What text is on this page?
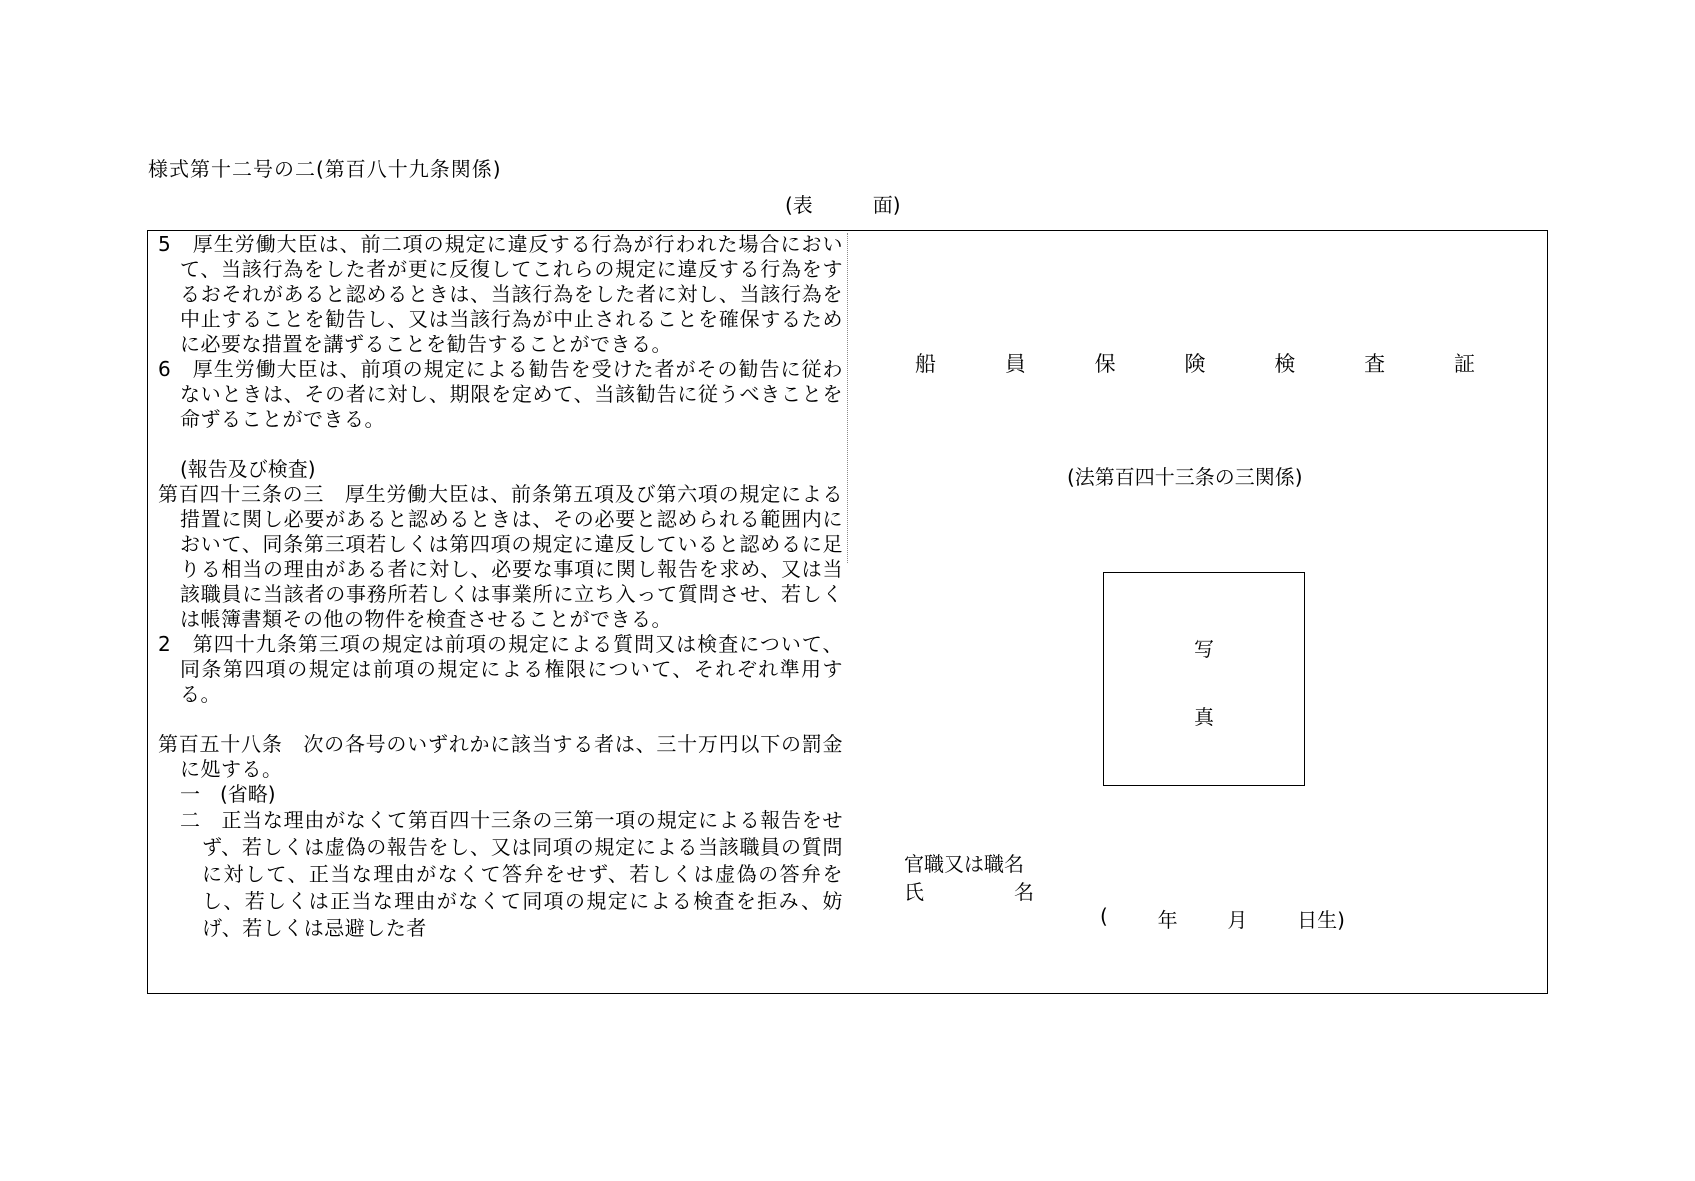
様式第十二号の二(第百八十九条関係)
(表　　　面)
5　厚生労働大臣は、前二項の規定に違反する行為が行われた場合において、当該行為をした者が更に反復してこれらの規定に違反する行為をするおそれがあると認めるときは、当該行為をした者に対し、当該行為を中止することを勧告し、又は当該行為が中止されることを確保するために必要な措置を講ずることを勧告することができる。
6　厚生労働大臣は、前項の規定による勧告を受けた者がその勧告に従わないときは、その者に対し、期限を定めて、当該勧告に従うべきことを命ずることができる。
(報告及び検査)
第百四十三条の三　厚生労働大臣は、前条第五項及び第六項の規定による措置に関し必要があると認めるときは、その必要と認められる範囲内において、同条第三項若しくは第四項の規定に違反していると認めるに足りる相当の理由がある者に対し、必要な事項に関し報告を求め、又は当該職員に当該者の事務所若しくは事業所に立ち入って質問させ、若しくは帳簿書類その他の物件を検査させることができる。
2　第四十九条第三項の規定は前項の規定による質問又は検査について、同条第四項の規定は前項の規定による権限について、それぞれ準用する。
第百五十八条　次の各号のいずれかに該当する者は、三十万円以下の罰金に処する。
一　(省略)
二　正当な理由がなくて第百四十三条の三第一項の規定による報告をせず、若しくは虚偽の報告をし、又は同項の規定による当該職員の質問に対して、正当な理由がなくて答弁をせず、若しくは虚偽の答弁をし、若しくは正当な理由がなくて同項の規定による検査を拒み、妨げ、若しくは忌避した者
船	員	保	険	検	査	証
(法第百四十三条の三関係)
写
真
官職又は職名
氏	名
( 年 月 日生)
